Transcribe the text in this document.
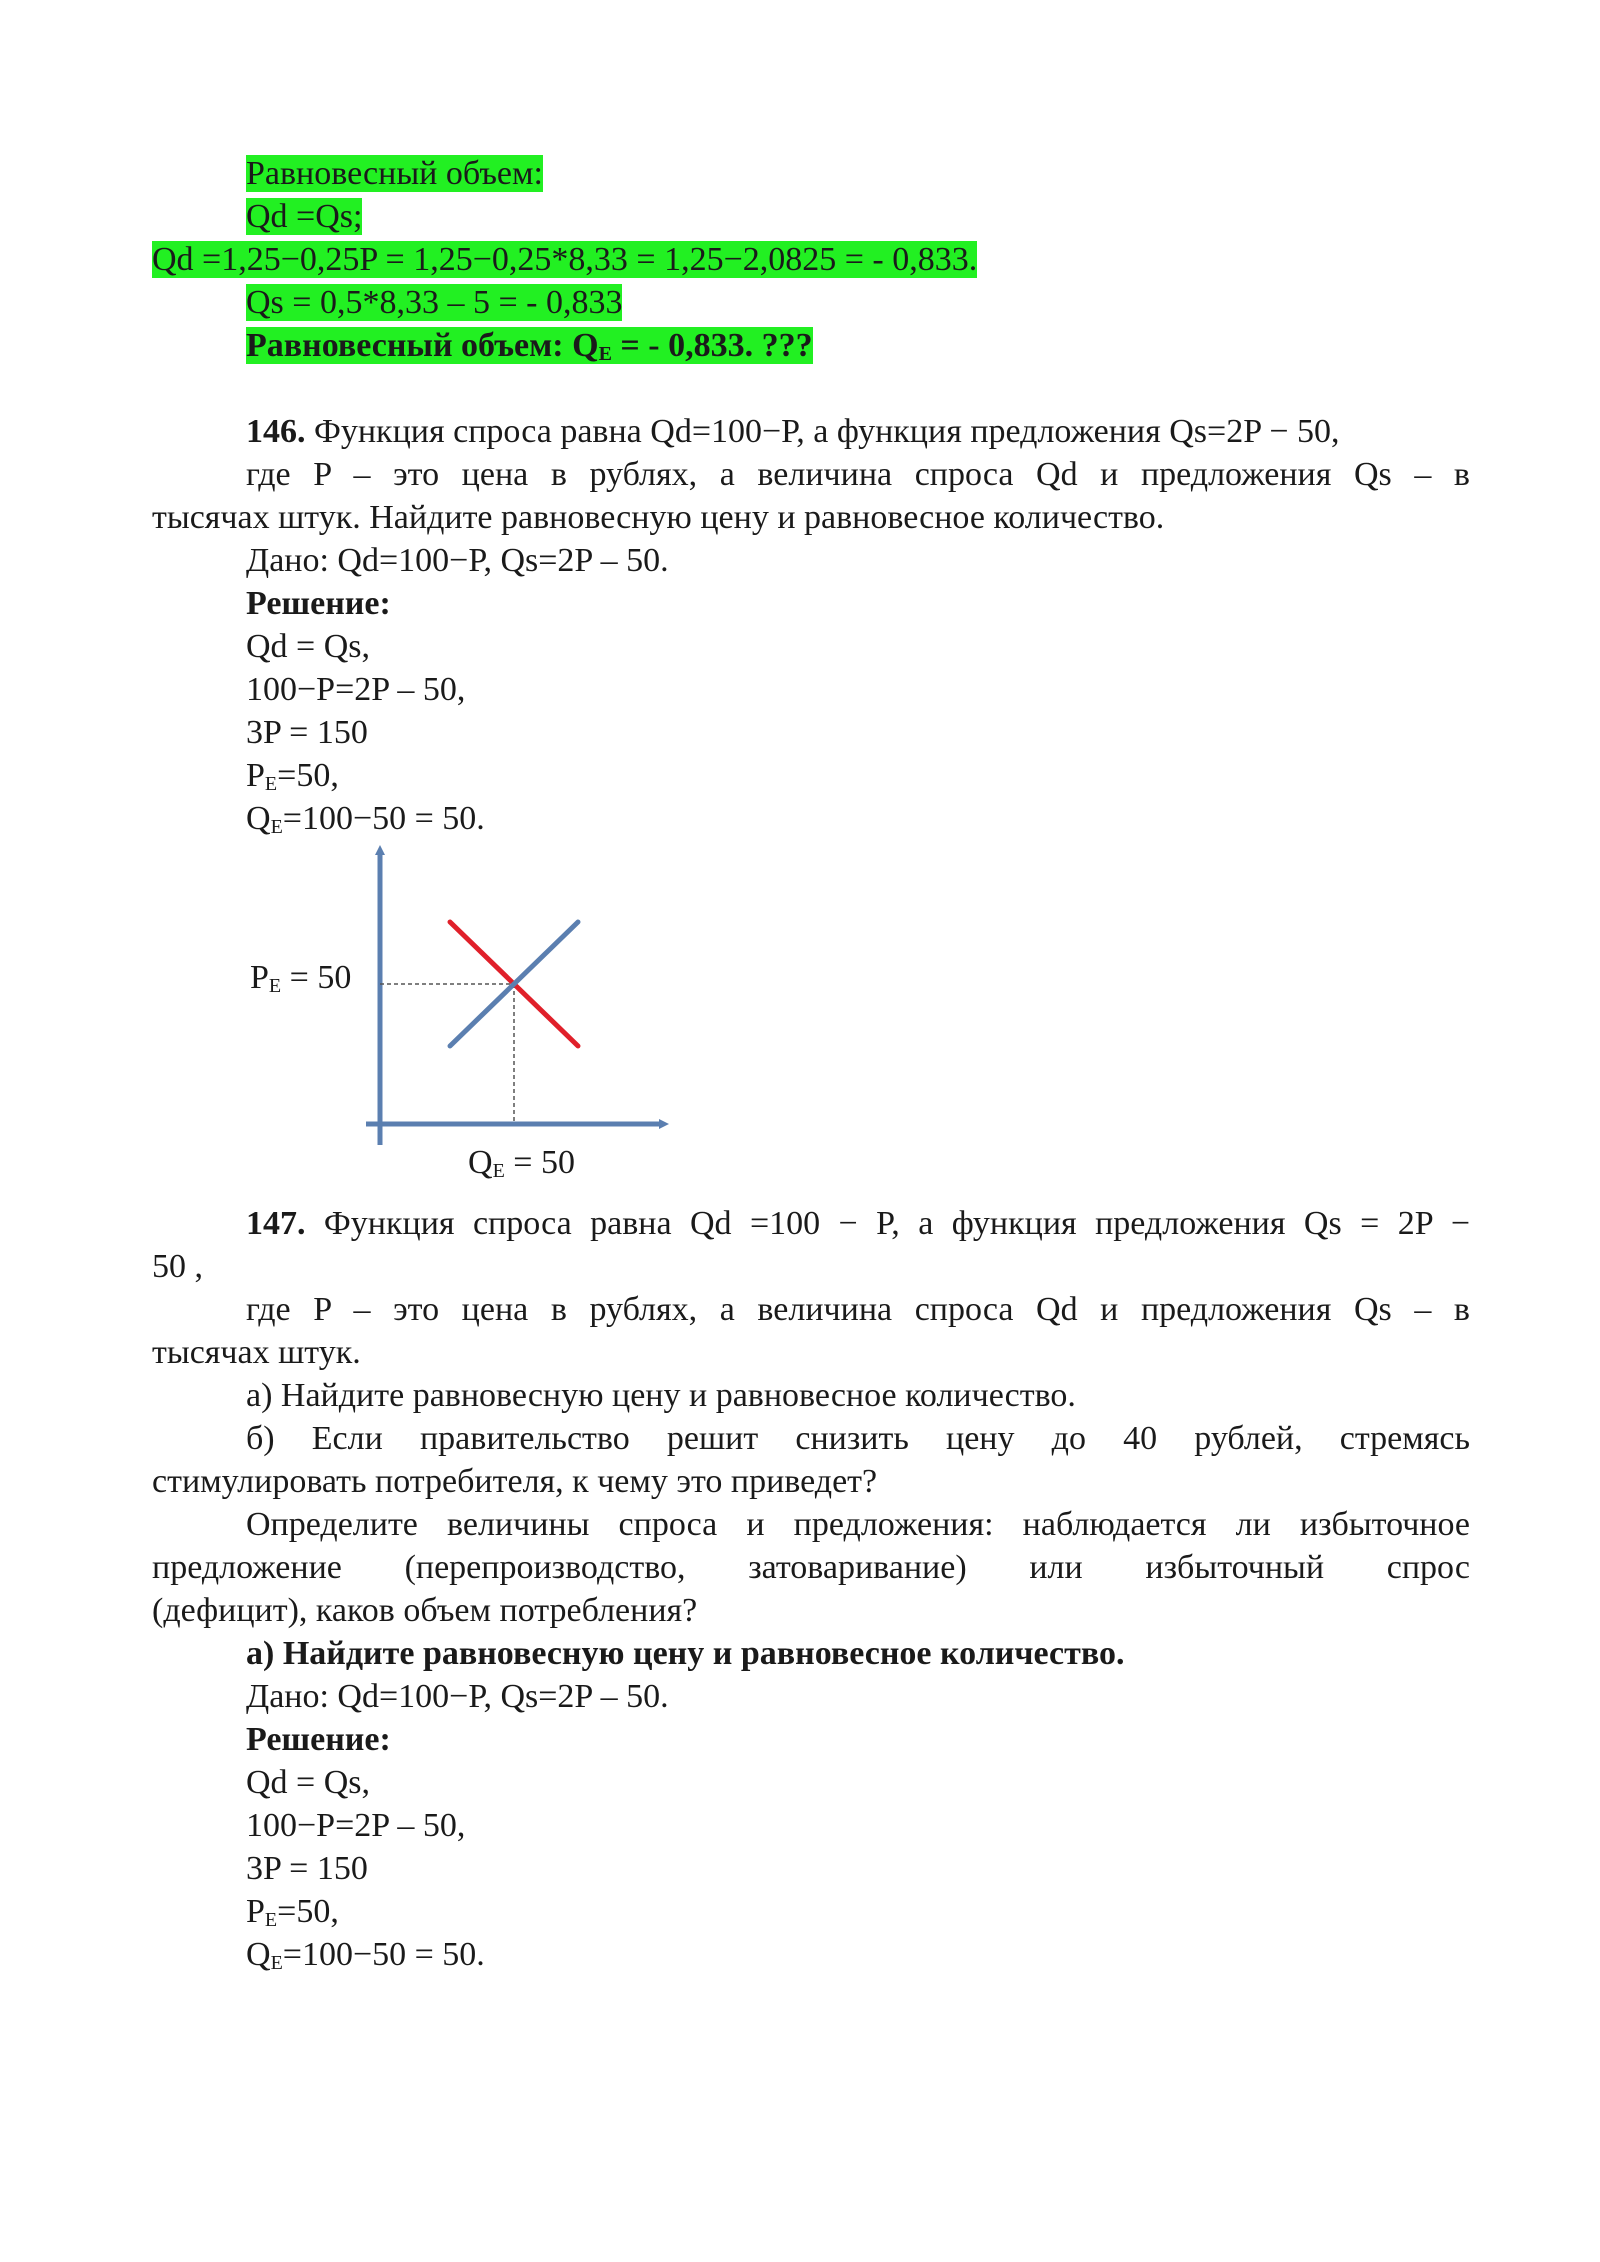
Равновесный объем:
Qd =Qs;
Qd =1,25−0,25P = 1,25−0,25*8,33 = 1,25−2,0825 = - 0,833.
Qs = 0,5*8,33 – 5 = - 0,833
Равновесный объем: $Q_E$ = - 0,833. ???
146. Функция спроса равна Qd=100−P, а функция предложения Qs=2P − 50,
где P – это цена в рублях, а величина спроса Qd и предложения Qs – в
тысячах штук. Найдите равновесную цену и равновесное количество.
Дано: Qd=100−P, Qs=2P – 50.
Решение:
Qd = Qs,
100−P=2P – 50,
3P = 150
$P_E=50$,
$Q_E=100-50 = 50$.
$P_E = 50$
$Q_E = 50$
147. Функция спроса равна Qd =100 − P, а функция предложения Qs = 2P −
50 ,
где P – это цена в рублях, а величина спроса Qd и предложения Qs – в
тысячах штук.
а) Найдите равновесную цену и равновесное количество.
б) Если правительство решит снизить цену до 40 рублей, стремясь
стимулировать потребителя, к чему это приведет?
Определите величины спроса и предложения: наблюдается ли избыточное
предложение (перепроизводство, затоваривание) или избыточный спрос
(дефицит), каков объем потребления?
а) Найдите равновесную цену и равновесное количество.
Дано: Qd=100−P, Qs=2P – 50.
Решение:
Qd = Qs,
100−P=2P – 50,
3P = 150
$P_E=50$,
$Q_E=100-50 = 50$.
